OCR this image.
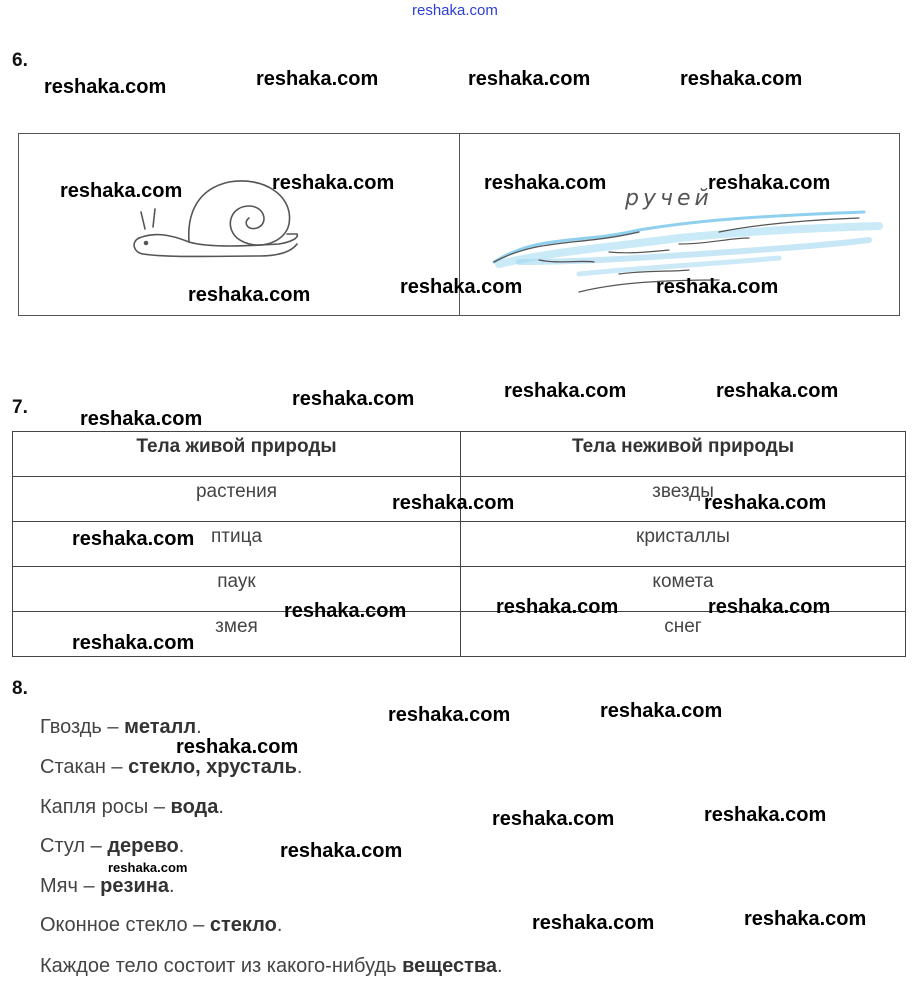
reshaka.com
6.
ручей
7.
Тела живой природы	Тела неживой природы
растения	звезды
птица	кристаллы
паук	комета
змея	снег
8.
Гвоздь – металл.
Стакан – стекло, хрусталь.
Капля росы – вода.
Стул – дерево.
Мяч – резина.
Оконное стекло – стекло.
Каждое тело состоит из какого-нибудь вещества.
reshaka.com	reshaka.com	reshaka.com	reshaka.com
reshaka.com	reshaka.com	reshaka.com	reshaka.com
reshaka.com	reshaka.com	reshaka.com
reshaka.com
reshaka.com	reshaka.com	reshaka.com
reshaka.com	reshaka.com
reshaka.com
reshaka.com	reshaka.com	reshaka.com
reshaka.com
reshaka.com	reshaka.com
reshaka.com
reshaka.com	reshaka.com
reshaka.com
reshaka.com
reshaka.com	reshaka.com
